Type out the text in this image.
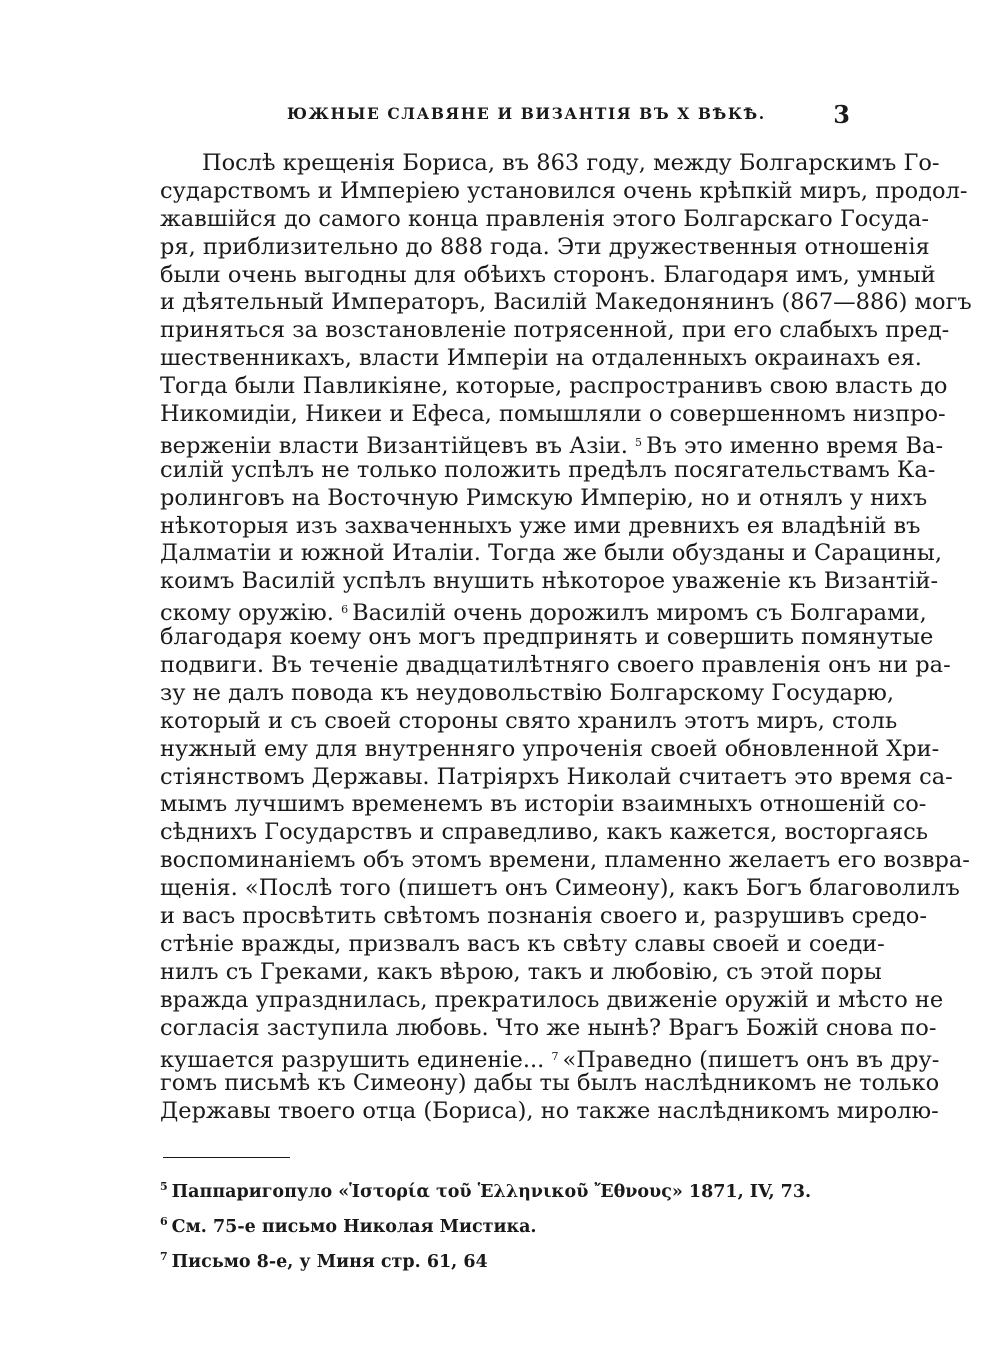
ЮЖНЫЕ СЛАВЯНЕ И ВИЗАНТІЯ ВЪ X ВѢКѢ.	3
Послѣ крещенія Бориса, въ 863 году, между Болгарскимъ Го-
сударствомъ и Имперіею установился очень крѣпкій миръ, продол-
жавшійся до самого конца правленія этого Болгарскаго Госуда-
ря, приблизительно до 888 года. Эти дружественныя отношенія
были очень выгодны для обѣихъ сторонъ. Благодаря имъ, умный
и дѣятельный Императоръ, Василій Македонянинъ (867—886) могъ
приняться за возстановленіе потрясенной, при его слабыхъ пред-
шественникахъ, власти Имперіи на отдаленныхъ окраинахъ ея.
Тогда были Павликіяне, которые, распространивъ свою власть до
Никомидіи, Никеи и Ефеса, помышляли о совершенномъ низпро-
верженіи власти Византійцевъ въ Азіи. $^5$ Въ это именно время Ва-
силій успѣлъ не только положить предѣлъ посягательствамъ Ка-
ролинговъ на Восточную Римскую Имперію, но и отнялъ у нихъ
нѣкоторыя изъ захваченныхъ уже ими древнихъ ея владѣній въ
Далматіи и южной Италіи. Тогда же были обузданы и Сарацины,
коимъ Василій успѣлъ внушить нѣкоторое уваженіе къ Византій-
скому оружію. $^6$ Василій очень дорожилъ миромъ съ Болгарами,
благодаря коему онъ могъ предпринять и совершить помянутые
подвиги. Въ теченіе двадцатилѣтняго своего правленія онъ ни ра-
зу не далъ повода къ неудовольствію Болгарскому Государю,
который и съ своей стороны свято хранилъ этотъ миръ, столь
нужный ему для внутренняго упроченія своей обновленной Хри-
стіянствомъ Державы. Патріярхъ Николай считаетъ это время са-
мымъ лучшимъ временемъ въ исторіи взаимныхъ отношеній со-
сѣднихъ Государствъ и справедливо, какъ кажется, восторгаясь
воспоминаніемъ объ этомъ времени, пламенно желаетъ его возвра-
щенія. «Послѣ того (пишетъ онъ Симеону), какъ Богъ благоволилъ
и васъ просвѣтить свѣтомъ познанія своего и, разрушивъ средо-
стѣніе вражды, призвалъ васъ къ свѣту славы своей и соеди-
нилъ съ Греками, какъ вѣрою, такъ и любовію, съ этой поры
вражда упразднилась, прекратилось движеніе оружій и мѣсто не
согласія заступила любовь. Что же нынѣ? Врагъ Божій снова по-
кушается разрушить единеніе... $^7$ «Праведно (пишетъ онъ въ дру-
гомъ письмѣ къ Симеону) дабы ты былъ наслѣдникомъ не только
Державы твоего отца (Бориса), но также наслѣдникомъ миролю-
$^5$ Паппаригопуло «Ἱστορία τοῦ Ἑλληνικοῦ Ἔθνους» 1871, IV, 73.
$^6$ См. 75-е письмо Николая Мистика.
$^7$ Письмо 8-е, у Миня стр. 61, 64
